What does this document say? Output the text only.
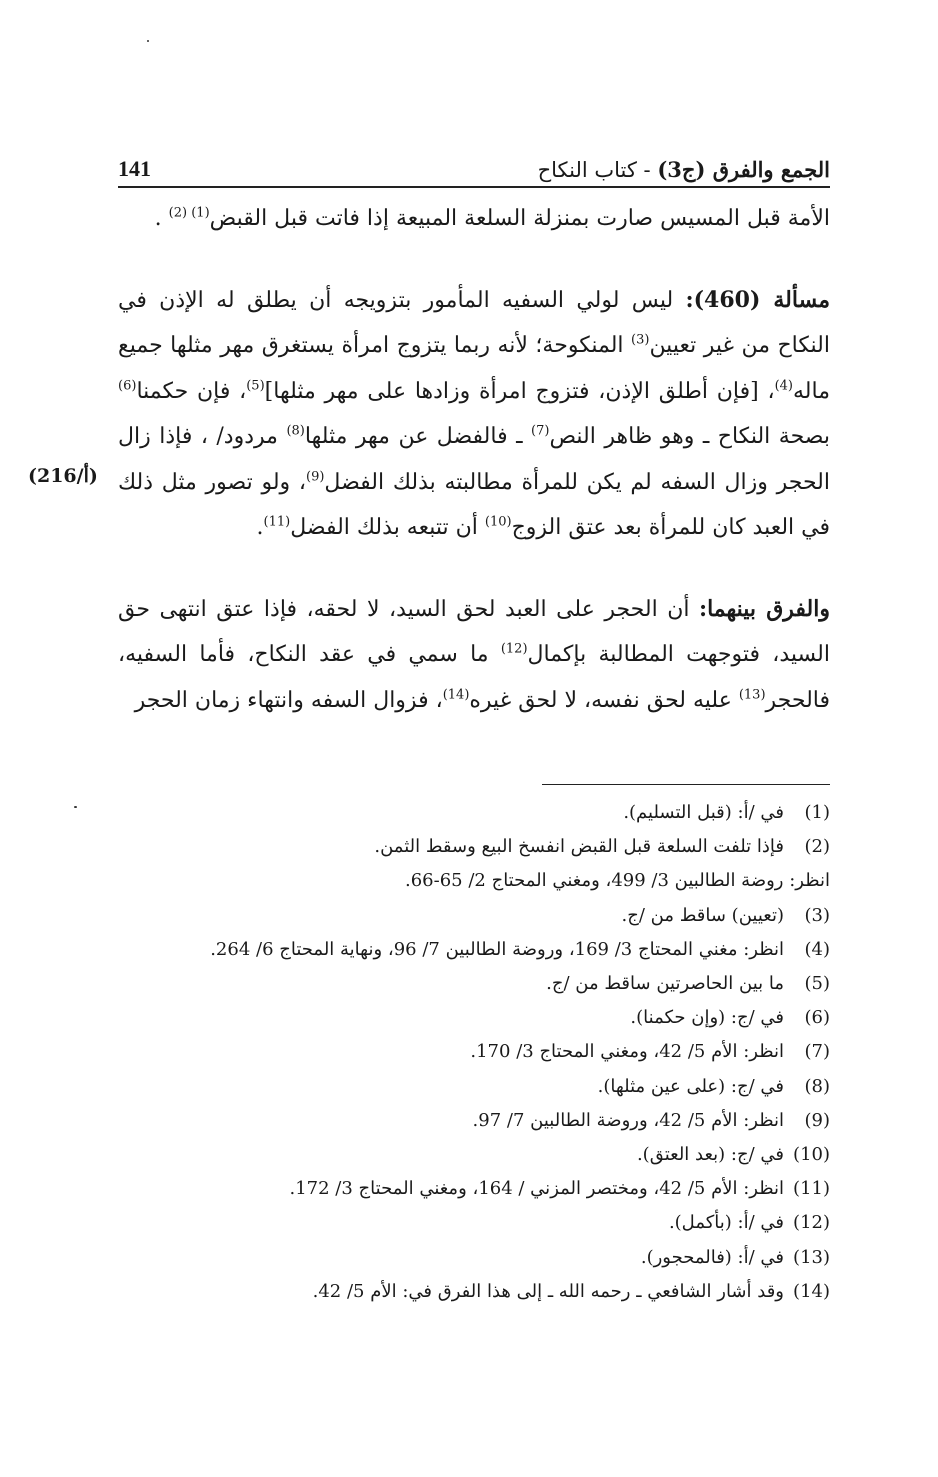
الجمع والفرق (ج3) - كتاب النكاح
141

الأمة قبل المسيس صارت بمنزلة السلعة المبيعة إذا فاتت قبل القبض$^{(1) (2)}$ .

مسألة (460): ليس لولي السفيه المأمور بتزويجه أن يطلق له الإذن في النكاح من غير تعيين$^{(3)}$ المنكوحة؛ لأنه ربما يتزوج امرأة يستغرق مهر مثلها جميع ماله$^{(4)}$، [فإن أطلق الإذن، فتزوج امرأة وزادها على مهر مثلها]$^{(5)}$، فإن حكمنا$^{(6)}$ بصحة النكاح ـ وهو ظاهر النص$^{(7)}$ ـ فالفضل عن مهر مثلها$^{(8)}$ مردود/ ، فإذا زال الحجر وزال السفه لم يكن للمرأة مطالبته بذلك الفضل$^{(9)}$، ولو تصور مثل ذلك في العبد كان للمرأة بعد عتق الزوج$^{(10)}$ أن تتبعه بذلك الفضل$^{(11)}$.

والفرق بينهما: أن الحجر على العبد لحق السيد، لا لحقه، فإذا عتق انتهى حق السيد، فتوجهت المطالبة بإكمال$^{(12)}$ ما سمي في عقد النكاح، فأما السفيه، فالحجر$^{(13)}$ عليه لحق نفسه، لا لحق غيره$^{(14)}$، فزوال السفه وانتهاء زمان الحجر

(216/أ)
(1)
في /أ: (قبل التسليم).
(2)
فإذا تلفت السلعة قبل القبض انفسخ البيع وسقط الثمن.
انظر: روضة الطالبين 3/ 499، ومغني المحتاج 2/ 65-66.
(3)
(تعيين) ساقط من /ج.
(4)
انظر: مغني المحتاج 3/ 169، وروضة الطالبين 7/ 96، ونهاية المحتاج 6/ 264.
(5)
ما بين الحاصرتين ساقط من /ج.
(6)
في /ج: (وإن حكمنا).
(7)
انظر: الأم 5/ 42، ومغني المحتاج 3/ 170.
(8)
في /ج: (على عين مثلها).
(9)
انظر: الأم 5/ 42، وروضة الطالبين 7/ 97.
(10)
في /ج: (بعد العتق).
(11)
انظر: الأم 5/ 42، ومختصر المزني / 164، ومغني المحتاج 3/ 172.
(12)
في /أ: (بأكمل).
(13)
في /أ: (فالمحجور).
(14)
وقد أشار الشافعي ـ رحمه الله ـ إلى هذا الفرق في: الأم 5/ 42.
